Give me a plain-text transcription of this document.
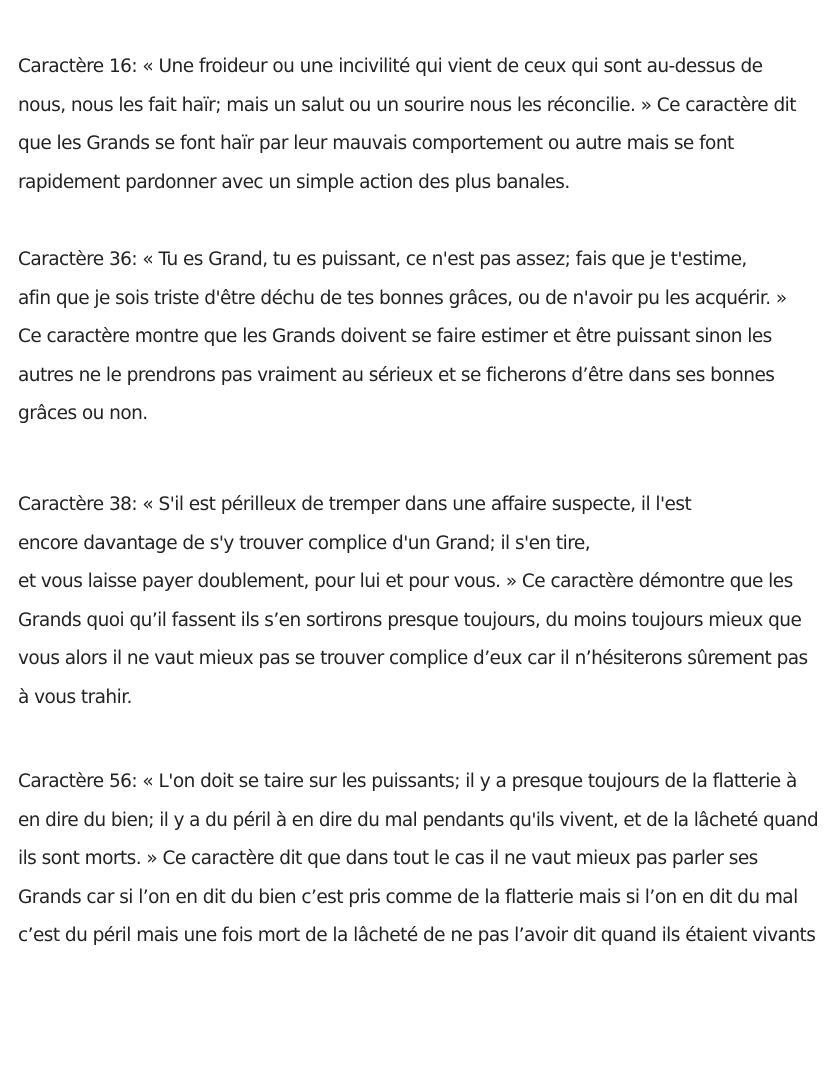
Caractère 16: « Une froideur ou une incivilité qui vient de ceux qui sont au-dessus de
nous, nous les fait haïr; mais un salut ou un sourire nous les réconcilie. » Ce caractère dit
que les Grands se font haïr par leur mauvais comportement ou autre mais se font
rapidement pardonner avec un simple action des plus banales.
Caractère 36: « Tu es Grand, tu es puissant, ce n'est pas assez; fais que je t'estime,
afin que je sois triste d'être déchu de tes bonnes grâces, ou de n'avoir pu les acquérir. »
Ce caractère montre que les Grands doivent se faire estimer et être puissant sinon les
autres ne le prendrons pas vraiment au sérieux et se ficherons d’être dans ses bonnes
grâces ou non.
Caractère 38: « S'il est périlleux de tremper dans une affaire suspecte, il l'est
encore davantage de s'y trouver complice d'un Grand; il s'en tire,
et vous laisse payer doublement, pour lui et pour vous. » Ce caractère démontre que les
Grands quoi qu’il fassent ils s’en sortirons presque toujours, du moins toujours mieux que
vous alors il ne vaut mieux pas se trouver complice d’eux car il n’hésiterons sûrement pas
à vous trahir.
Caractère 56: « L'on doit se taire sur les puissants; il y a presque toujours de la flatterie à
en dire du bien; il y a du péril à en dire du mal pendants qu'ils vivent, et de la lâcheté quand
ils sont morts. » Ce caractère dit que dans tout le cas il ne vaut mieux pas parler ses
Grands car si l’on en dit du bien c’est pris comme de la flatterie mais si l’on en dit du mal
c’est du péril mais une fois mort de la lâcheté de ne pas l’avoir dit quand ils étaient vivants
